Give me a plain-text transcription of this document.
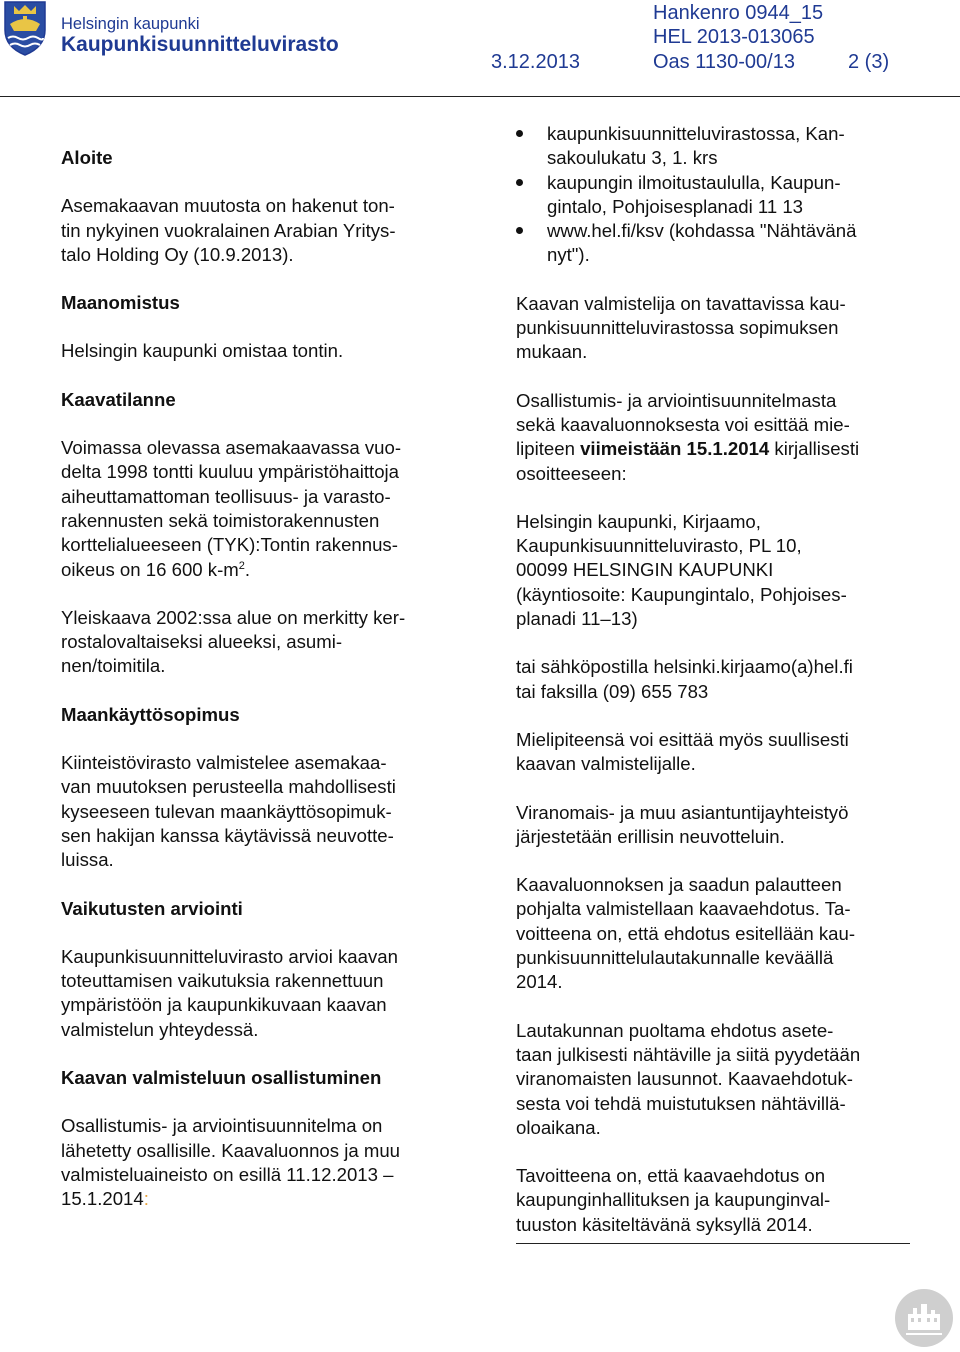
Helsingin kaupunki
Kaupunkisuunnitteluvirasto
Hankenro 0944_15
HEL 2013-013065
3.12.2013	Oas 1130-00/13	2 (3)

Aloite

Asemakaavan muutosta on hakenut ton-

tin nykyinen vuokralainen Arabian Yritys-

talo Holding Oy (10.9.2013).

Maanomistus

Helsingin kaupunki omistaa tontin.

Kaavatilanne

Voimassa olevassa asemakaavassa vuo-

delta 1998 tontti kuuluu ympäristöhaittoja

aiheuttamattoman teollisuus- ja varasto-

rakennusten sekä toimistorakennusten

korttelialueeseen (TYK):Tontin rakennus-

oikeus on 16 600 $k-m^2$.

Yleiskaava 2002:ssa alue on merkitty ker-

rostalovaltaiseksi alueeksi, asumi-

nen/toimitila.

Maankäyttösopimus

Kiinteistövirasto valmistelee asemakaa-

van muutoksen perusteella mahdollisesti

kyseeseen tulevan maankäyttösopimuk-

sen hakijan kanssa käytävissä neuvotte-

luissa.

Vaikutusten arviointi

Kaupunkisuunnitteluvirasto arvioi kaavan

toteuttamisen vaikutuksia rakennettuun

ympäristöön ja kaupunkikuvaan kaavan

valmistelun yhteydessä.

Kaavan valmisteluun osallistuminen

Osallistumis- ja arviointisuunnitelma on

lähetetty osallisille. Kaavaluonnos ja muu

valmisteluaineisto on esillä 11.12.2013 –

15.1.2014:

kaupunkisuunnitteluvirastossa, Kan-

sakoulukatu 3, 1. krs

kaupungin ilmoitustaululla, Kaupun-

gintalo, Pohjoisesplanadi 11 13

www.hel.fi/ksv (kohdassa "Nähtävänä

nyt").

Kaavan valmistelija on tavattavissa kau-

punkisuunnitteluvirastossa sopimuksen

mukaan.

Osallistumis- ja arviointisuunnitelmasta

sekä kaavaluonnoksesta voi esittää mie-

lipiteen viimeistään 15.1.2014 kirjallisesti

osoitteeseen:

Helsingin kaupunki, Kirjaamo,

Kaupunkisuunnitteluvirasto, PL 10,

00099 HELSINGIN KAUPUNKI

(käyntiosoite: Kaupungintalo, Pohjoises-

planadi 11–13)

tai sähköpostilla helsinki.kirjaamo(a)hel.fi

tai faksilla (09) 655 783

Mielipiteensä voi esittää myös suullisesti

kaavan valmistelijalle.

Viranomais- ja muu asiantuntijayhteistyö

järjestetään erillisin neuvotteluin.

Kaavaluonnoksen ja saadun palautteen

pohjalta valmistellaan kaavaehdotus. Ta-

voitteena on, että ehdotus esitellään kau-

punkisuunnittelulautakunnalle keväällä

2014.

Lautakunnan puoltama ehdotus asete-

taan julkisesti nähtäville ja siitä pyydetään

viranomaisten lausunnot. Kaavaehdotuk-

sesta voi tehdä muistutuksen nähtävillä-

oloaikana.

Tavoitteena on, että kaavaehdotus on

kaupunginhallituksen ja kaupunginval-

tuuston käsiteltävänä syksyllä 2014.
